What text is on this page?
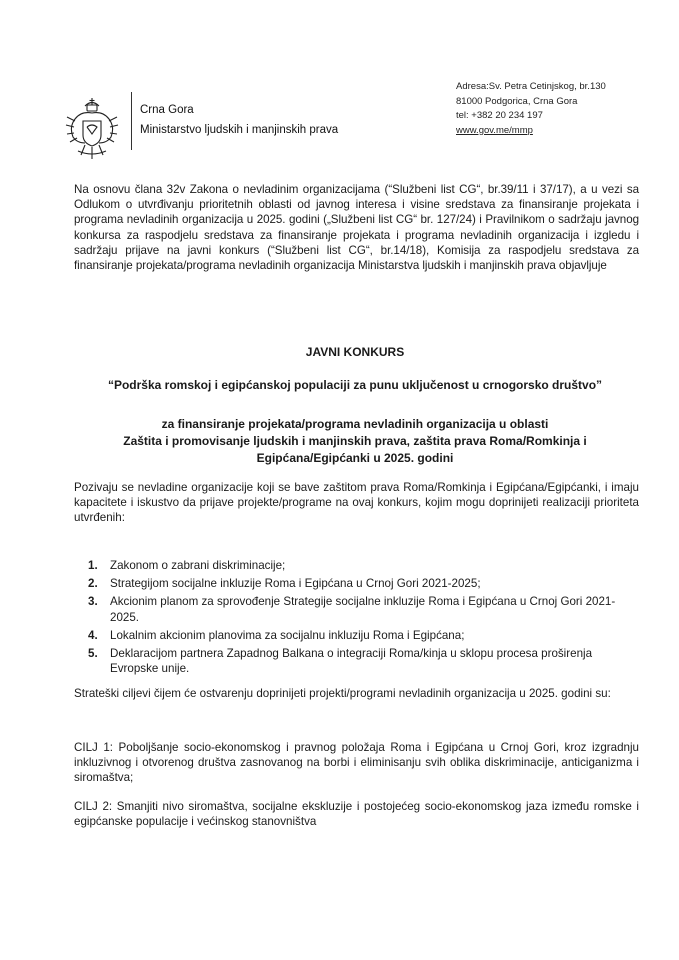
Crna Gora
Ministarstvo ljudskih i manjinskih prava
Adresa:Sv. Petra Cetinjskog, br.130
81000 Podgorica, Crna Gora
tel: +382 20 234 197
www.gov.me/mmp
Na osnovu člana 32v Zakona o nevladinim organizacijama (“Službeni list CG“, br.39/11 i 37/17), a u vezi sa Odlukom o utvrđivanju prioritetnih oblasti od javnog interesa i visine sredstava za finansiranje projekata i programa nevladinih organizacija u 2025. godini („Službeni list CG“ br. 127/24) i Pravilnikom o sadržaju javnog konkursa za raspodjelu sredstava za finansiranje projekata i programa nevladinih organizacija i izgledu i sadržaju prijave na javni konkurs (“Službeni list CG“, br.14/18), Komisija za raspodjelu sredstava za finansiranje projekata/programa nevladinih organizacija Ministarstva ljudskih i manjinskih prava objavljuje
JAVNI KONKURS
“Podrška romskoj i egipćanskoj populaciji za punu uključenost u crnogorsko društvo”
za finansiranje projekata/programa nevladinih organizacija u oblasti
Zaštita i promovisanje ljudskih i manjinskih prava, zaštita prava Roma/Romkinja i
Egipćana/Egipćanki u 2025. godini
Pozivaju se nevladine organizacije koji se bave zaštitom prava Roma/Romkinja i Egipćana/Egipćanki, i imaju kapacitete i iskustvo da prijave projekte/programe na ovaj konkurs, kojim mogu doprinijeti realizaciji prioriteta utvrđenih:
1. Zakonom o zabrani diskriminacije;
2. Strategijom socijalne inkluzije Roma i Egipćana u Crnoj Gori 2021-2025;
3. Akcionim planom za sprovođenje Strategije socijalne inkluzije Roma i Egipćana u Crnoj Gori 2021-2025.
4. Lokalnim akcionim planovima za socijalnu inkluziju Roma i Egipćana;
5. Deklaracijom partnera Zapadnog Balkana o integraciji Roma/kinja u sklopu procesa proširenja Evropske unije.
Strateški ciljevi čijem će ostvarenju doprinijeti projekti/programi nevladinih organizacija u 2025. godini su:
CILJ 1: Poboljšanje socio-ekonomskog i pravnog položaja Roma i Egipćana u Crnoj Gori, kroz izgradnju inkluzivnog i otvorenog društva zasnovanog na borbi i eliminisanju svih oblika diskriminacije, anticiganizma i siromaštva;
CILJ 2: Smanjiti nivo siromaštva, socijalne ekskluzije i postojećeg socio-ekonomskog jaza između romske i egipćanske populacije i većinskog stanovništva
